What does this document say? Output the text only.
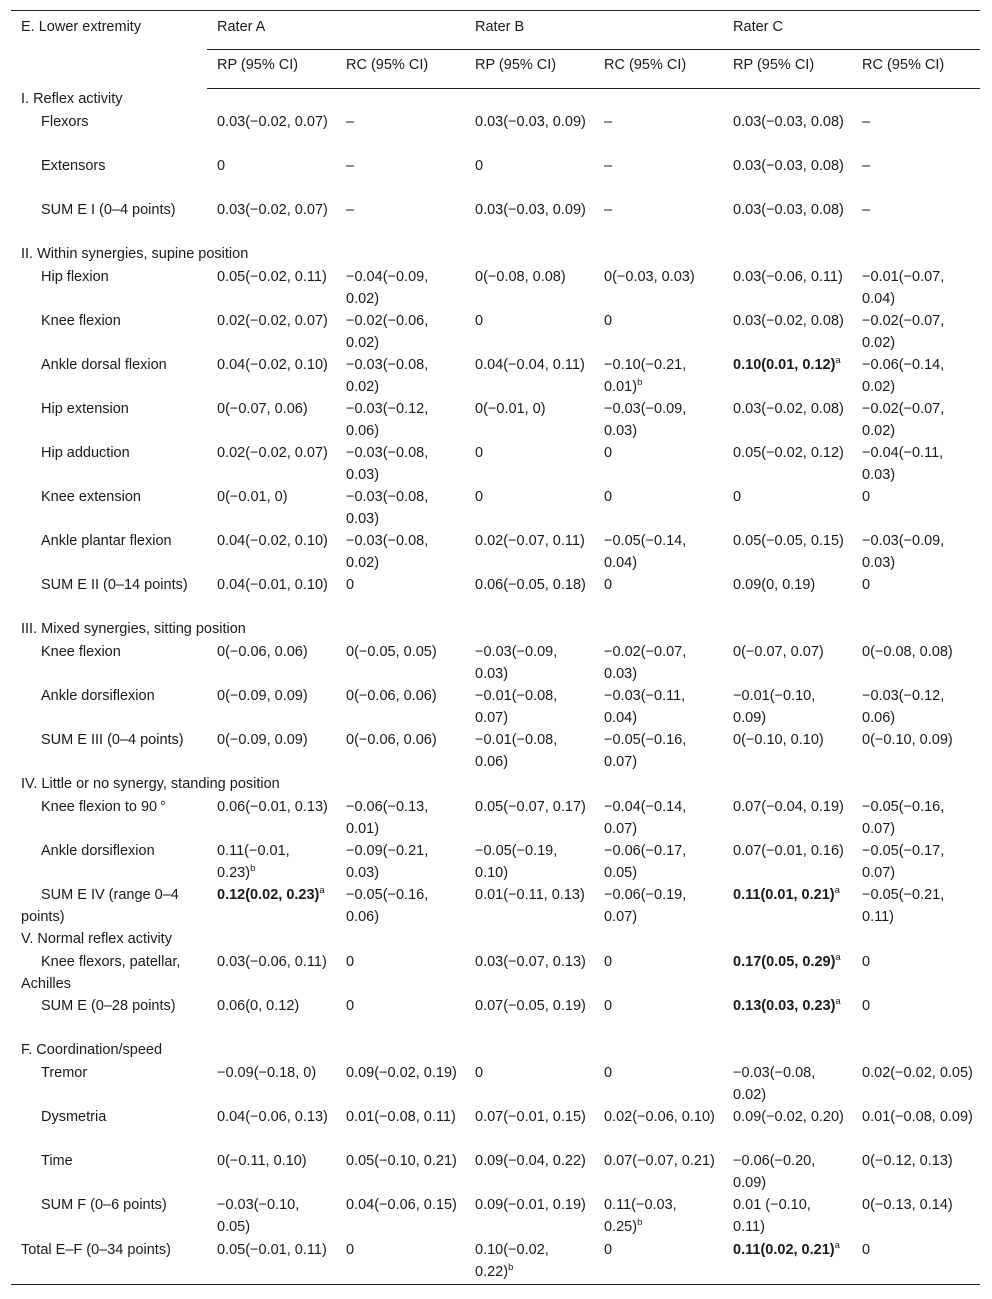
E. Lower extremity	Rater A		Rater B		Rater C	
	RP (95% CI)	RC (95% CI)	RP (95% CI)	RC (95% CI)	RP (95% CI)	RC (95% CI)
I. Reflex activity						
Flexors	0.03(−0.02, 0.07)	–	0.03(−0.03, 0.09)	–	0.03(−0.03, 0.08)	–
Extensors	0	–	0	–	0.03(−0.03, 0.08)	–
SUM E I (0–4 points)	0.03(−0.02, 0.07)	–	0.03(−0.03, 0.09)	–	0.03(−0.03, 0.08)	–
II. Within synergies, supine position						
Hip flexion	0.05(−0.02, 0.11)	−0.04(−0.09, 0.02)	0(−0.08, 0.08)	0(−0.03, 0.03)	0.03(−0.06, 0.11)	−0.01(−0.07, 0.04)
Knee flexion	0.02(−0.02, 0.07)	−0.02(−0.06, 0.02)	0	0	0.03(−0.02, 0.08)	−0.02(−0.07, 0.02)
Ankle dorsal flexion	0.04(−0.02, 0.10)	−0.03(−0.08, 0.02)	0.04(−0.04, 0.11)	−0.10(−0.21, 0.01)$^b$	0.10(0.01, 0.12)$^a$	−0.06(−0.14, 0.02)
Hip extension	0(−0.07, 0.06)	−0.03(−0.12, 0.06)	0(−0.01, 0)	−0.03(−0.09, 0.03)	0.03(−0.02, 0.08)	−0.02(−0.07, 0.02)
Hip adduction	0.02(−0.02, 0.07)	−0.03(−0.08, 0.03)	0	0	0.05(−0.02, 0.12)	−0.04(−0.11, 0.03)
Knee extension	0(−0.01, 0)	−0.03(−0.08, 0.03)	0	0	0	0
Ankle plantar flexion	0.04(−0.02, 0.10)	−0.03(−0.08, 0.02)	0.02(−0.07, 0.11)	−0.05(−0.14, 0.04)	0.05(−0.05, 0.15)	−0.03(−0.09, 0.03)
SUM E II (0–14 points)	0.04(−0.01, 0.10)	0	0.06(−0.05, 0.18)	0	0.09(0, 0.19)	0
III. Mixed synergies, sitting position						
Knee flexion	0(−0.06, 0.06)	0(−0.05, 0.05)	−0.03(−0.09, 0.03)	−0.02(−0.07, 0.03)	0(−0.07, 0.07)	0(−0.08, 0.08)
Ankle dorsiflexion	0(−0.09, 0.09)	0(−0.06, 0.06)	−0.01(−0.08, 0.07)	−0.03(−0.11, 0.04)	−0.01(−0.10, 0.09)	−0.03(−0.12, 0.06)
SUM E III (0–4 points)	0(−0.09, 0.09)	0(−0.06, 0.06)	−0.01(−0.08, 0.06)	−0.05(−0.16, 0.07)	0(−0.10, 0.10)	0(−0.10, 0.09)
IV. Little or no synergy, standing position						
Knee flexion to 90 °	0.06(−0.01, 0.13)	−0.06(−0.13, 0.01)	0.05(−0.07, 0.17)	−0.04(−0.14, 0.07)	0.07(−0.04, 0.19)	−0.05(−0.16, 0.07)
Ankle dorsiflexion	0.11(−0.01, 0.23)$^b$	−0.09(−0.21, 0.03)	−0.05(−0.19, 0.10)	−0.06(−0.17, 0.05)	0.07(−0.01, 0.16)	−0.05(−0.17, 0.07)
SUM E IV (range 0–4 points)	0.12(0.02, 0.23)$^a$	−0.05(−0.16, 0.06)	0.01(−0.11, 0.13)	−0.06(−0.19, 0.07)	0.11(0.01, 0.21)$^a$	−0.05(−0.21, 0.11)
V. Normal reflex activity						
Knee flexors, patellar, Achilles	0.03(−0.06, 0.11)	0	0.03(−0.07, 0.13)	0	0.17(0.05, 0.29)$^a$	0
SUM E (0–28 points)	0.06(0, 0.12)	0	0.07(−0.05, 0.19)	0	0.13(0.03, 0.23)$^a$	0
F. Coordination/speed						
Tremor	−0.09(−0.18, 0)	0.09(−0.02, 0.19)	0	0	−0.03(−0.08, 0.02)	0.02(−0.02, 0.05)
Dysmetria	0.04(−0.06, 0.13)	0.01(−0.08, 0.11)	0.07(−0.01, 0.15)	0.02(−0.06, 0.10)	0.09(−0.02, 0.20)	0.01(−0.08, 0.09)
Time	0(−0.11, 0.10)	0.05(−0.10, 0.21)	0.09(−0.04, 0.22)	0.07(−0.07, 0.21)	−0.06(−0.20, 0.09)	0(−0.12, 0.13)
SUM F (0–6 points)	−0.03(−0.10, 0.05)	0.04(−0.06, 0.15)	0.09(−0.01, 0.19)	0.11(−0.03, 0.25)$^b$	0.01 (−0.10, 0.11)	0(−0.13, 0.14)
Total E–F (0–34 points)	0.05(−0.01, 0.11)	0	0.10(−0.02, 0.22)$^b$	0	0.11(0.02, 0.21)$^a$	0
